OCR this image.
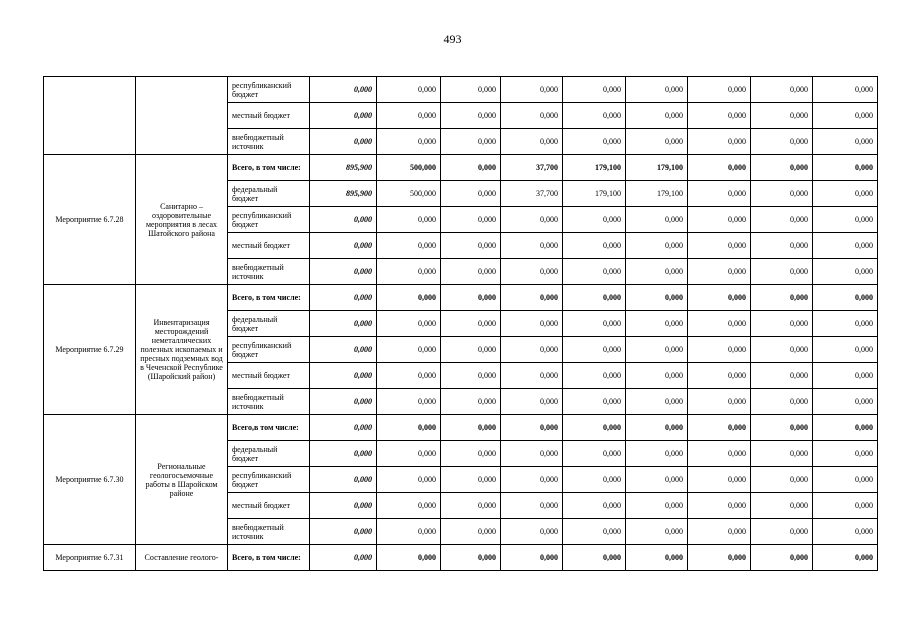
493
		республиканский бюджет	0,000	0,000	0,000	0,000	0,000	0,000	0,000	0,000	0,000
		местный бюджет	0,000	0,000	0,000	0,000	0,000	0,000	0,000	0,000	0,000
		внебюджетный источник	0,000	0,000	0,000	0,000	0,000	0,000	0,000	0,000	0,000
Мероприятие 6.7.28	Санитарно – оздоровительные мероприятия в лесах Шатойского района	Всего, в том числе:	895,900	500,000	0,000	37,700	179,100	179,100	0,000	0,000	0,000
		федеральный бюджет	895,900	500,000	0,000	37,700	179,100	179,100	0,000	0,000	0,000
		республиканский бюджет	0,000	0,000	0,000	0,000	0,000	0,000	0,000	0,000	0,000
		местный бюджет	0,000	0,000	0,000	0,000	0,000	0,000	0,000	0,000	0,000
		внебюджетный источник	0,000	0,000	0,000	0,000	0,000	0,000	0,000	0,000	0,000
Мероприятие 6.7.29	Инвентаризация месторождений неметаллических полезных ископаемых и пресных подземных вод в Чеченской Республике (Шаройский район)	Всего, в том числе:	0,000	0,000	0,000	0,000	0,000	0,000	0,000	0,000	0,000
		федеральный бюджет	0,000	0,000	0,000	0,000	0,000	0,000	0,000	0,000	0,000
		республиканский бюджет	0,000	0,000	0,000	0,000	0,000	0,000	0,000	0,000	0,000
		местный бюджет	0,000	0,000	0,000	0,000	0,000	0,000	0,000	0,000	0,000
		внебюджетный источник	0,000	0,000	0,000	0,000	0,000	0,000	0,000	0,000	0,000
Мероприятие 6.7.30	Региональные геологосъемочные работы в Шаройском районе	Всего,в том числе:	0,000	0,000	0,000	0,000	0,000	0,000	0,000	0,000	0,000
		федеральный бюджет	0,000	0,000	0,000	0,000	0,000	0,000	0,000	0,000	0,000
		республиканский бюджет	0,000	0,000	0,000	0,000	0,000	0,000	0,000	0,000	0,000
		местный бюджет	0,000	0,000	0,000	0,000	0,000	0,000	0,000	0,000	0,000
		внебюджетный источник	0,000	0,000	0,000	0,000	0,000	0,000	0,000	0,000	0,000
Мероприятие 6.7.31	Составление геолого-	Всего, в том числе:	0,000	0,000	0,000	0,000	0,000	0,000	0,000	0,000	0,000
